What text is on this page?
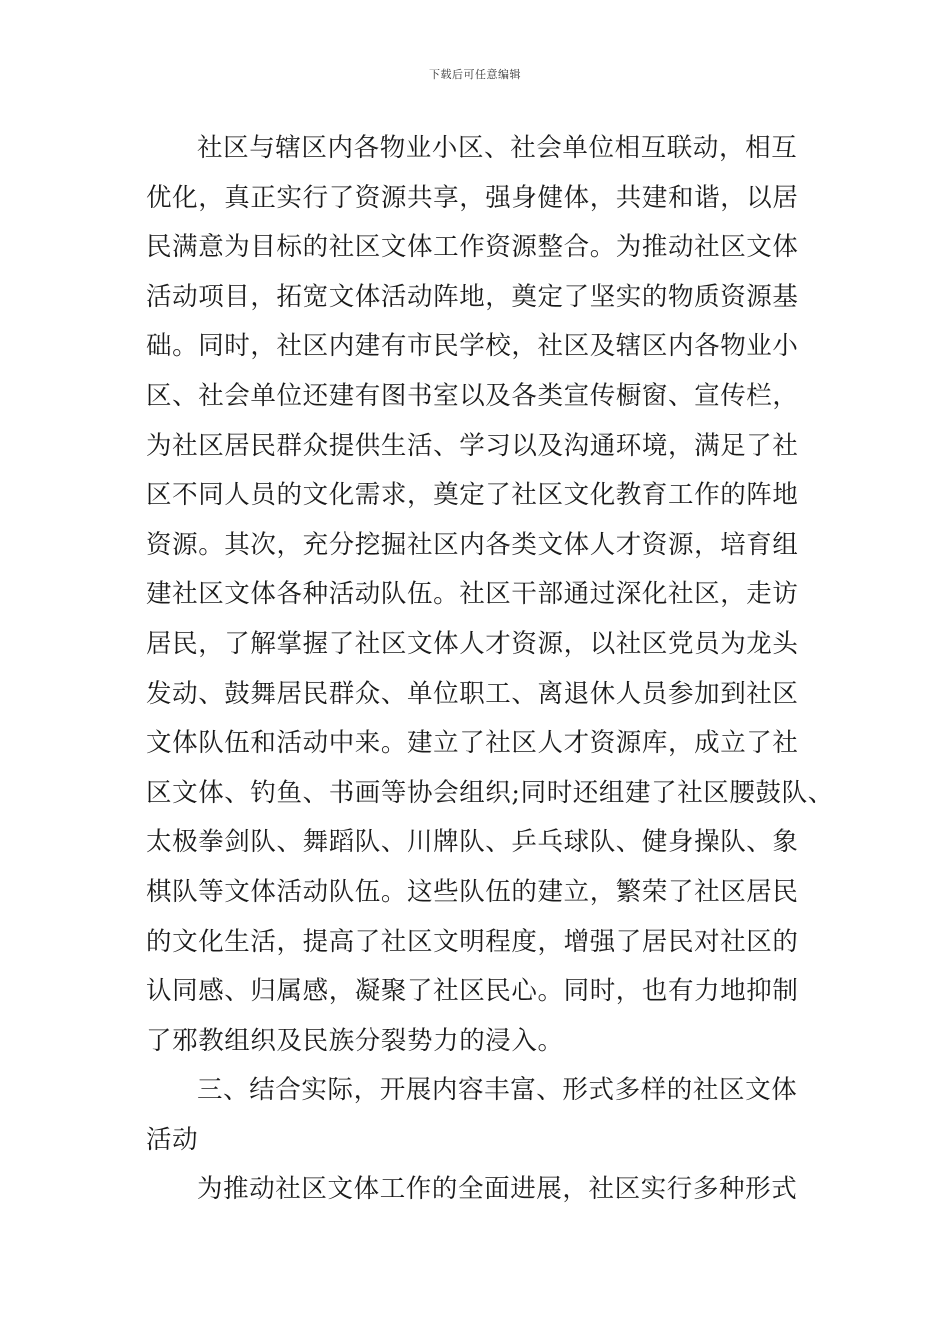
下载后可任意编辑
社区与辖区内各物业小区、社会单位相互联动，相互
优化，真正实行了资源共享，强身健体，共建和谐，以居
民满意为目标的社区文体工作资源整合。为推动社区文体
活动项目，拓宽文体活动阵地，奠定了坚实的物质资源基
础。同时，社区内建有市民学校，社区及辖区内各物业小
区、社会单位还建有图书室以及各类宣传橱窗、宣传栏，
为社区居民群众提供生活、学习以及沟通环境，满足了社
区不同人员的文化需求，奠定了社区文化教育工作的阵地
资源。其次，充分挖掘社区内各类文体人才资源，培育组
建社区文体各种活动队伍。社区干部通过深化社区，走访
居民，了解掌握了社区文体人才资源，以社区党员为龙头
发动、鼓舞居民群众、单位职工、离退休人员参加到社区
文体队伍和活动中来。建立了社区人才资源库，成立了社
区文体、钓鱼、书画等协会组织;同时还组建了社区腰鼓队、
太极拳剑队、舞蹈队、川牌队、乒乓球队、健身操队、象
棋队等文体活动队伍。这些队伍的建立，繁荣了社区居民
的文化生活，提高了社区文明程度，增强了居民对社区的
认同感、归属感，凝聚了社区民心。同时，也有力地抑制
了邪教组织及民族分裂势力的浸入。
三、结合实际，开展内容丰富、形式多样的社区文体
活动
为推动社区文体工作的全面进展，社区实行多种形式
